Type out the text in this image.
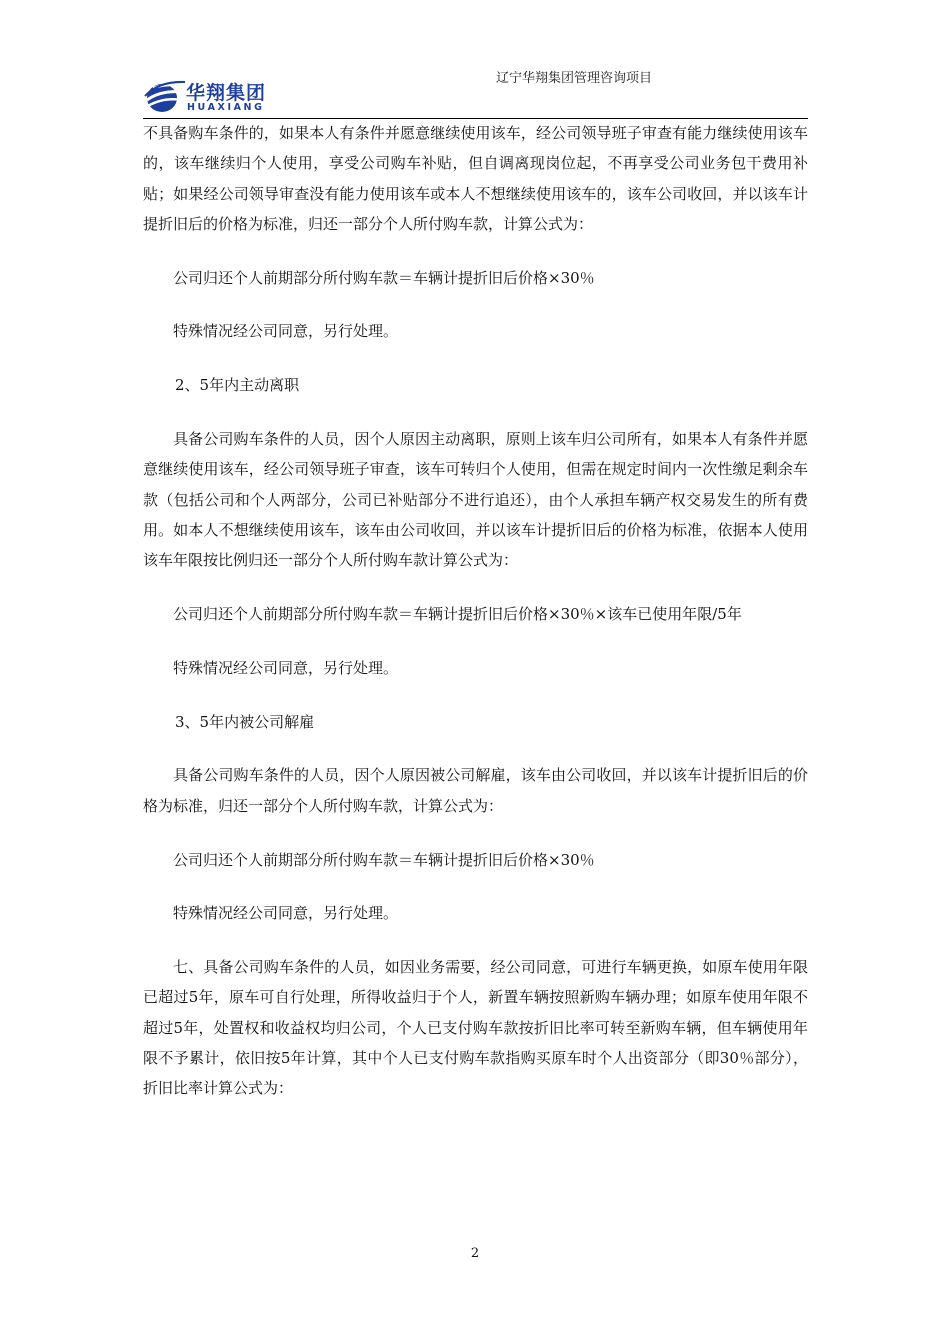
华翔集团
HUAXIANG
辽宁华翔集团管理咨询项目

不具备购车条件的，如果本人有条件并愿意继续使用该车，经公司领导班子审查有能力继续使用该车的，该车继续归个人使用，享受公司购车补贴，但自调离现岗位起，不再享受公司业务包干费用补贴；如果经公司领导审查没有能力使用该车或本人不想继续使用该车的，该车公司收回，并以该车计提折旧后的价格为标准，归还一部分个人所付购车款，计算公式为：

公司归还个人前期部分所付购车款＝车辆计提折旧后价格×30％

特殊情况经公司同意，另行处理。

2、5年内主动离职

具备公司购车条件的人员，因个人原因主动离职，原则上该车归公司所有，如果本人有条件并愿意继续使用该车，经公司领导班子审查，该车可转归个人使用，但需在规定时间内一次性缴足剩余车款（包括公司和个人两部分，公司已补贴部分不进行追还），由个人承担车辆产权交易发生的所有费用。如本人不想继续使用该车，该车由公司收回，并以该车计提折旧后的价格为标准，依据本人使用该车年限按比例归还一部分个人所付购车款计算公式为：

公司归还个人前期部分所付购车款＝车辆计提折旧后价格×30％×该车已使用年限/5年

特殊情况经公司同意，另行处理。

3、5年内被公司解雇

具备公司购车条件的人员，因个人原因被公司解雇，该车由公司收回，并以该车计提折旧后的价格为标准，归还一部分个人所付购车款，计算公式为：

公司归还个人前期部分所付购车款＝车辆计提折旧后价格×30％

特殊情况经公司同意，另行处理。

七、具备公司购车条件的人员，如因业务需要，经公司同意，可进行车辆更换，如原车使用年限已超过5年，原车可自行处理，所得收益归于个人，新置车辆按照新购车辆办理；如原车使用年限不超过5年，处置权和收益权均归公司，个人已支付购车款按折旧比率可转至新购车辆，但车辆使用年限不予累计，依旧按5年计算，其中个人已支付购车款指购买原车时个人出资部分（即30％部分），折旧比率计算公式为：

2
